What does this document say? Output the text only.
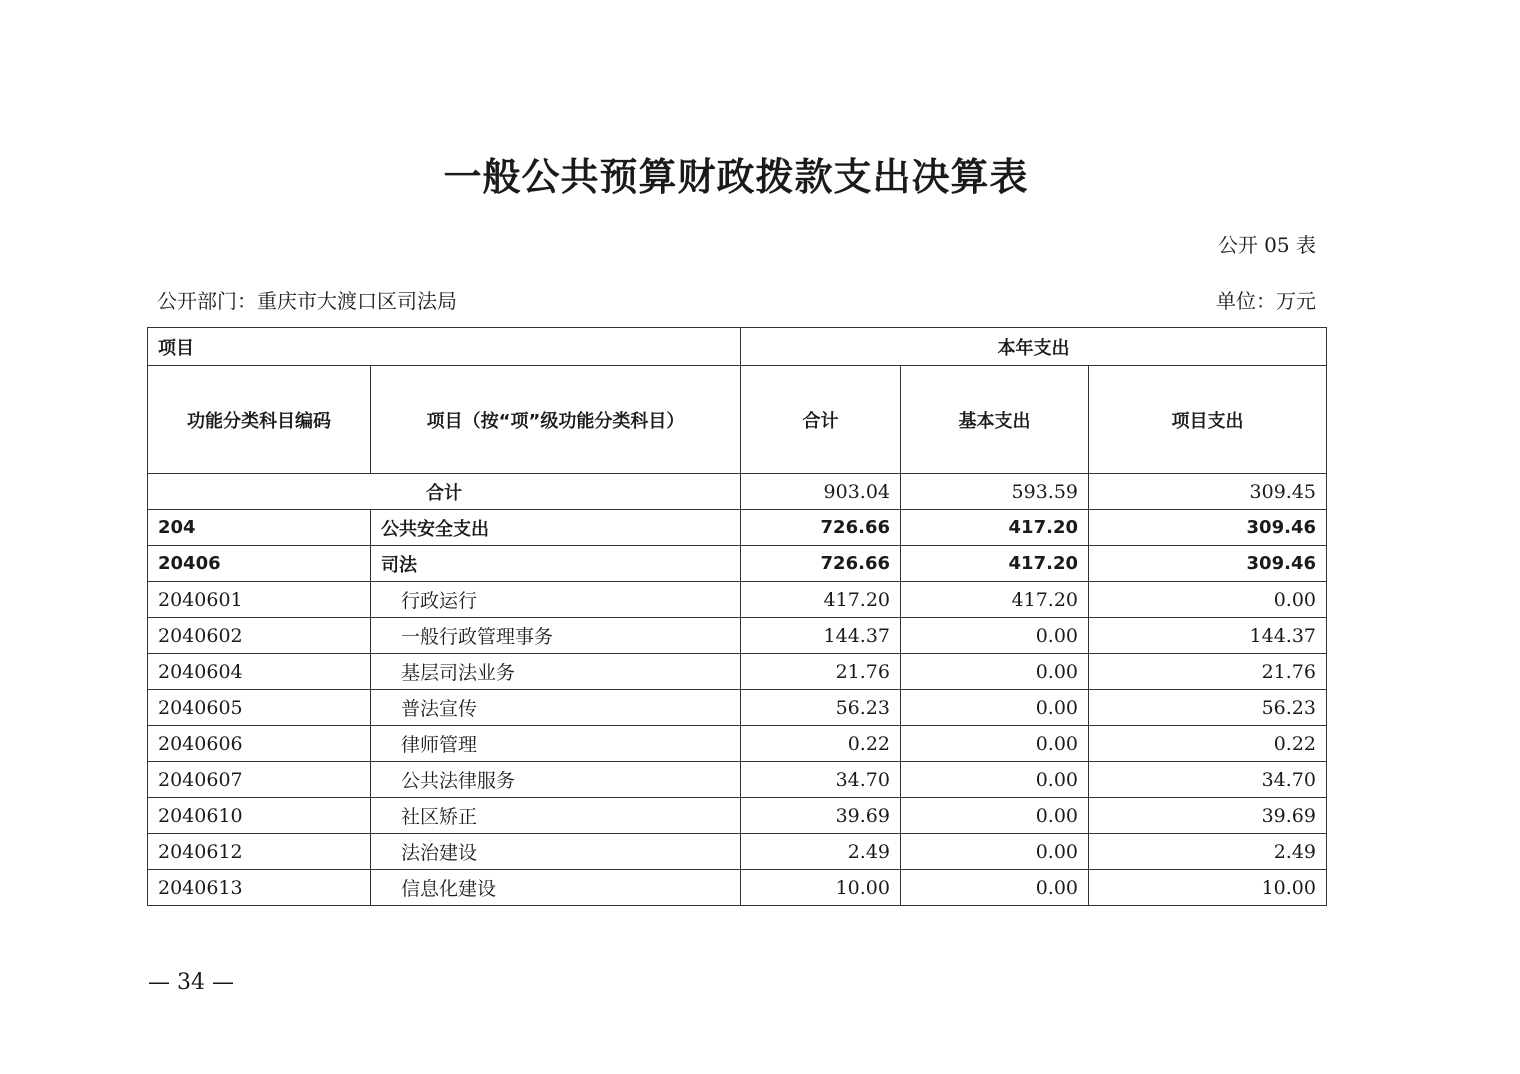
一般公共预算财政拨款支出决算表
公开 05 表
公开部门：重庆市大渡口区司法局	单位：万元
项目		本年支出		
功能分类科目编码	项目（按“项”级功能分类科目）	合计	基本支出	项目支出
合计		903.04	593.59	309.45
204	公共安全支出	726.66	417.20	309.46
20406	司法	726.66	417.20	309.46
2040601	行政运行	417.20	417.20	0.00
2040602	一般行政管理事务	144.37	0.00	144.37
2040604	基层司法业务	21.76	0.00	21.76
2040605	普法宣传	56.23	0.00	56.23
2040606	律师管理	0.22	0.00	0.22
2040607	公共法律服务	34.70	0.00	34.70
2040610	社区矫正	39.69	0.00	39.69
2040612	法治建设	2.49	0.00	2.49
2040613	信息化建设	10.00	0.00	10.00
— 34 —
